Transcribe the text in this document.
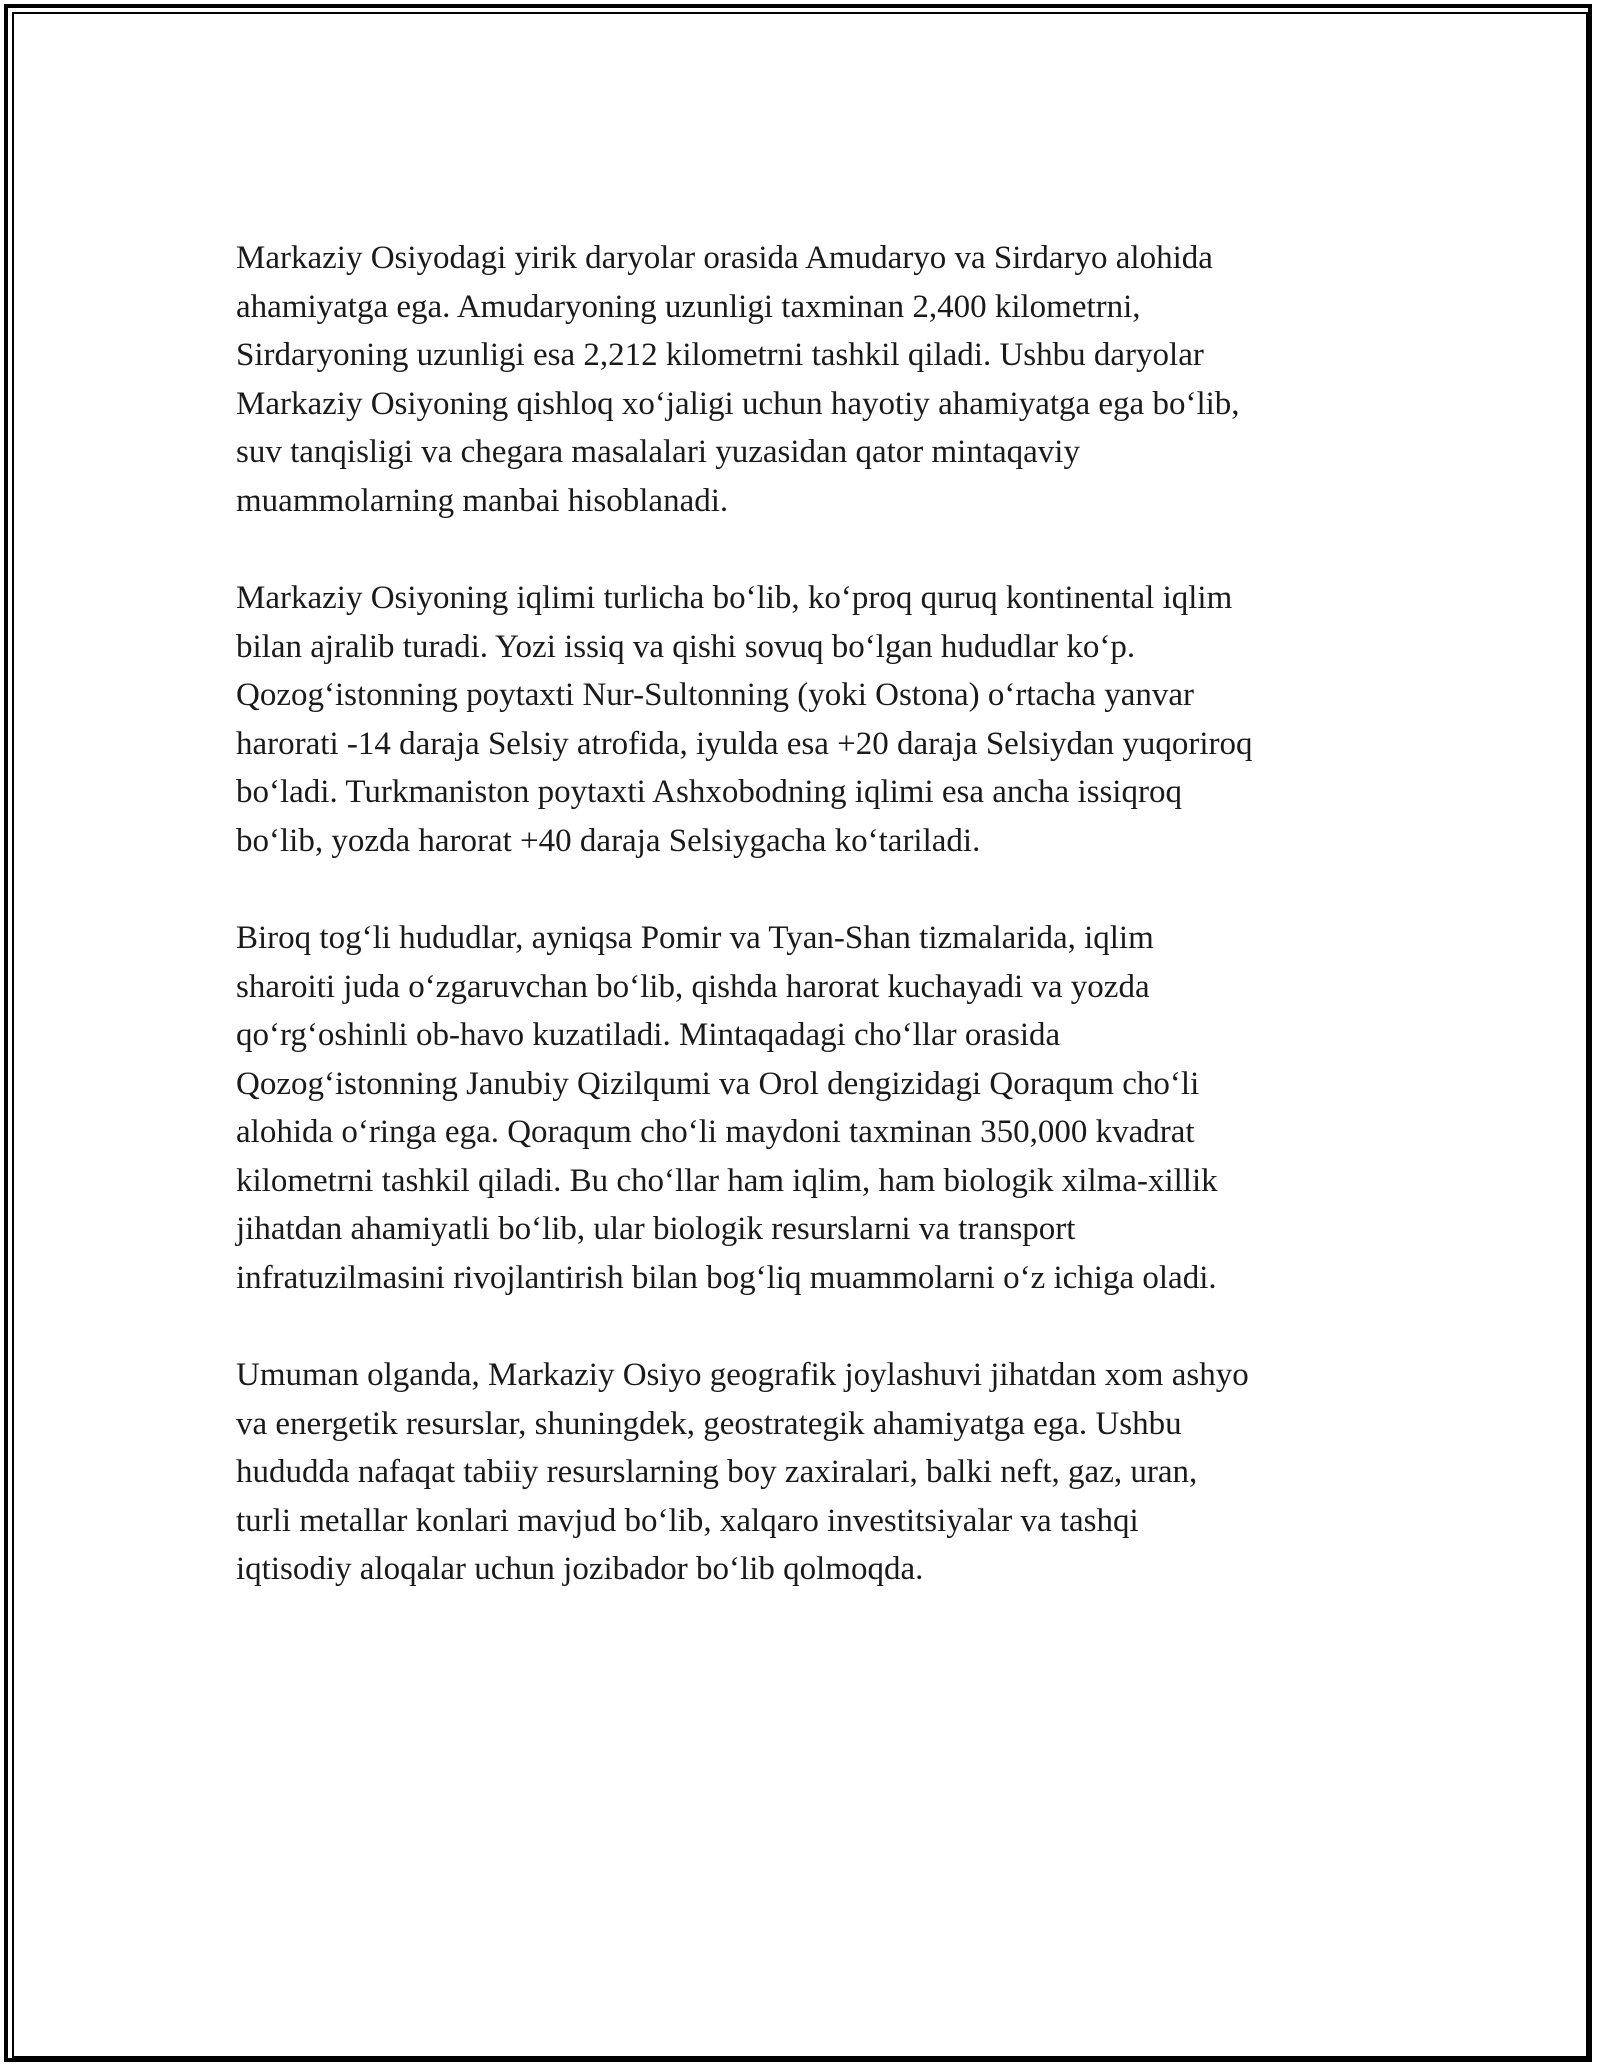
Markaziy Osiyodagi yirik daryolar orasida Amudaryo va Sirdaryo alohida
ahamiyatga ega. Amudaryoning uzunligi taxminan 2,400 kilometrni,
Sirdaryoning uzunligi esa 2,212 kilometrni tashkil qiladi. Ushbu daryolar
Markaziy Osiyoning qishloq xo‘jaligi uchun hayotiy ahamiyatga ega bo‘lib,
suv tanqisligi va chegara masalalari yuzasidan qator mintaqaviy
muammolarning manbai hisoblanadi.

Markaziy Osiyoning iqlimi turlicha bo‘lib, ko‘proq quruq kontinental iqlim
bilan ajralib turadi. Yozi issiq va qishi sovuq bo‘lgan hududlar ko‘p.
Qozog‘istonning poytaxti Nur-Sultonning (yoki Ostona) o‘rtacha yanvar
harorati -14 daraja Selsiy atrofida, iyulda esa +20 daraja Selsiydan yuqoriroq
bo‘ladi. Turkmaniston poytaxti Ashxobodning iqlimi esa ancha issiqroq
bo‘lib, yozda harorat +40 daraja Selsiygacha ko‘tariladi.

Biroq tog‘li hududlar, ayniqsa Pomir va Tyan-Shan tizmalarida, iqlim
sharoiti juda o‘zgaruvchan bo‘lib, qishda harorat kuchayadi va yozda
qo‘rg‘oshinli ob-havo kuzatiladi. Mintaqadagi cho‘llar orasida
Qozog‘istonning Janubiy Qizilqumi va Orol dengizidagi Qoraqum cho‘li
alohida o‘ringa ega. Qoraqum cho‘li maydoni taxminan 350,000 kvadrat
kilometrni tashkil qiladi. Bu cho‘llar ham iqlim, ham biologik xilma-xillik
jihatdan ahamiyatli bo‘lib, ular biologik resurslarni va transport
infratuzilmasini rivojlantirish bilan bog‘liq muammolarni o‘z ichiga oladi.

Umuman olganda, Markaziy Osiyo geografik joylashuvi jihatdan xom ashyo
va energetik resurslar, shuningdek, geostrategik ahamiyatga ega. Ushbu
hududda nafaqat tabiiy resurslarning boy zaxiralari, balki neft, gaz, uran,
turli metallar konlari mavjud bo‘lib, xalqaro investitsiyalar va tashqi
iqtisodiy aloqalar uchun jozibador bo‘lib qolmoqda.
